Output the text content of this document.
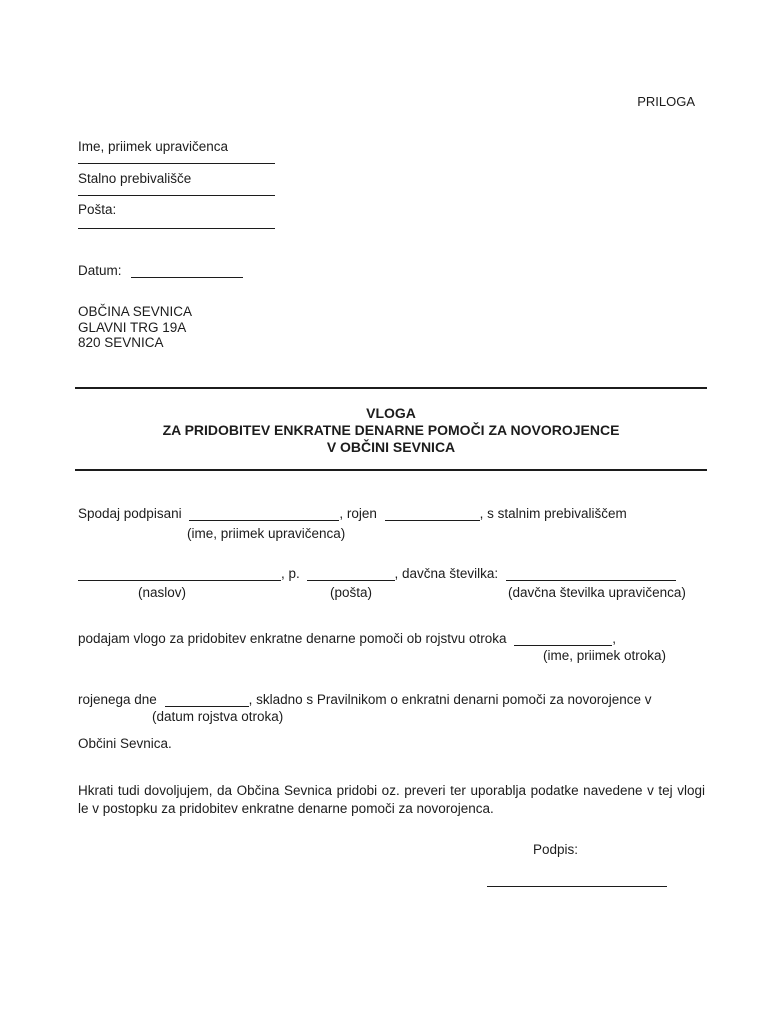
PRILOGA
Ime, priimek upravičenca
Stalno prebivališče
Pošta:
Datum:
OBČINA SEVNICA
GLAVNI TRG 19A
820 SEVNICA
VLOGA
ZA PRIDOBITEV ENKRATNE DENARNE POMOČI ZA NOVOROJENCE
V OBČINI SEVNICA
Spodaj podpisani	, rojen	, s stalnim prebivališčem
(ime, priimek upravičenca)
, p.	, davčna številka:
(naslov)	(pošta)	(davčna številka upravičenca)
podajam vlogo za pridobitev enkratne denarne pomoči ob rojstvu otroka	,
(ime, priimek otroka)
rojenega dne	, skladno s Pravilnikom o enkratni denarni pomoči za novorojence v
(datum rojstva otroka)
Občini Sevnica.
Hkrati tudi dovoljujem, da Občina Sevnica pridobi oz. preveri ter uporablja podatke navedene v tej vlogi le v postopku za pridobitev enkratne denarne pomoči za novorojenca.
Podpis:
